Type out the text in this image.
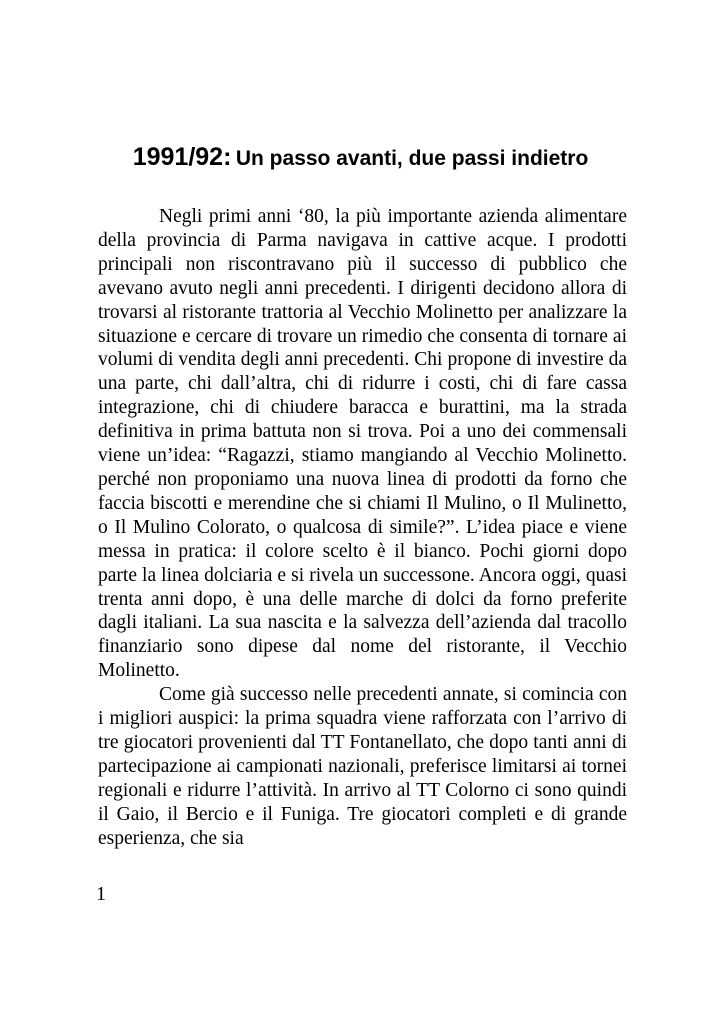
1991/92: Un passo avanti, due passi indietro

Negli primi anni ‘80, la più importante azienda alimentare della provincia di Parma navigava in cattive acque. I prodotti principali non riscontravano più il successo di pubblico che avevano avuto negli anni precedenti. I dirigenti decidono allora di trovarsi al ristorante trattoria al Vecchio Molinetto per analizzare la situazione e cercare di trovare un rimedio che consenta di tornare ai volumi di vendita degli anni precedenti. Chi propone di investire da una parte, chi dall’altra, chi di ridurre i costi, chi di fare cassa integrazione, chi di chiudere baracca e burattini, ma la strada definitiva in prima battuta non si trova. Poi a uno dei commensali viene un’idea: “Ragazzi, stiamo mangiando al Vecchio Molinetto. perché non proponiamo una nuova linea di prodotti da forno che faccia biscotti e merendine che si chiami Il Mulino, o Il Mulinetto, o Il Mulino Colorato, o qualcosa di simile?”. L’idea piace e viene messa in pratica: il colore scelto è il bianco. Pochi giorni dopo parte la linea dolciaria e si rivela un successone. Ancora oggi, quasi trenta anni dopo, è una delle marche di dolci da forno preferite dagli italiani. La sua nascita e la salvezza dell’azienda dal tracollo finanziario sono dipese dal nome del ristorante, il Vecchio Molinetto.

Come già successo nelle precedenti annate, si comincia con i migliori auspici: la prima squadra viene rafforzata con l’arrivo di tre giocatori provenienti dal TT Fontanellato, che dopo tanti anni di partecipazione ai campionati nazionali, preferisce limitarsi ai tornei regionali e ridurre l’attività. In arrivo al TT Colorno ci sono quindi il Gaio, il Bercio e il Funiga. Tre giocatori completi e di grande esperienza, che sia

1
